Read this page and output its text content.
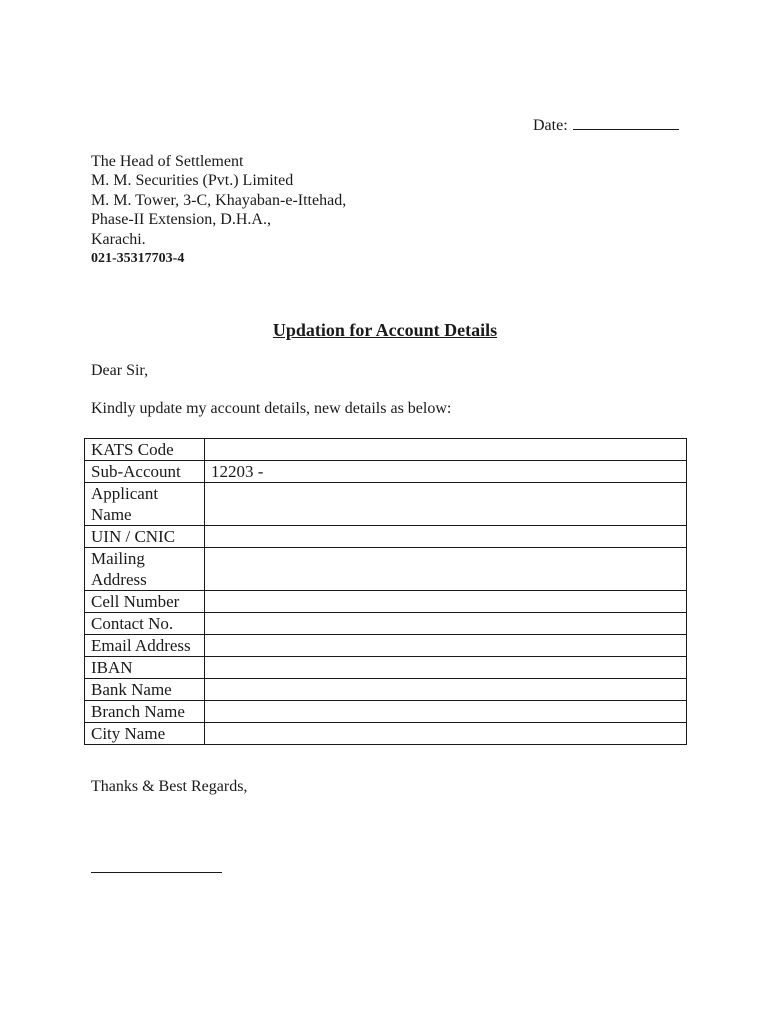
Date:
The Head of Settlement
M. M. Securities (Pvt.) Limited
M. M. Tower, 3-C, Khayaban-e-Ittehad,
Phase-II Extension, D.H.A.,
Karachi.
021-35317703-4
Updation for Account Details
Dear Sir,
Kindly update my account details, new details as below:
KATS Code	
Sub-Account	12203 -
Applicant Name	
UIN / CNIC	
Mailing Address	
Cell Number	
Contact No.	
Email Address	
IBAN	
Bank Name	
Branch Name	
City Name	
Thanks & Best Regards,
